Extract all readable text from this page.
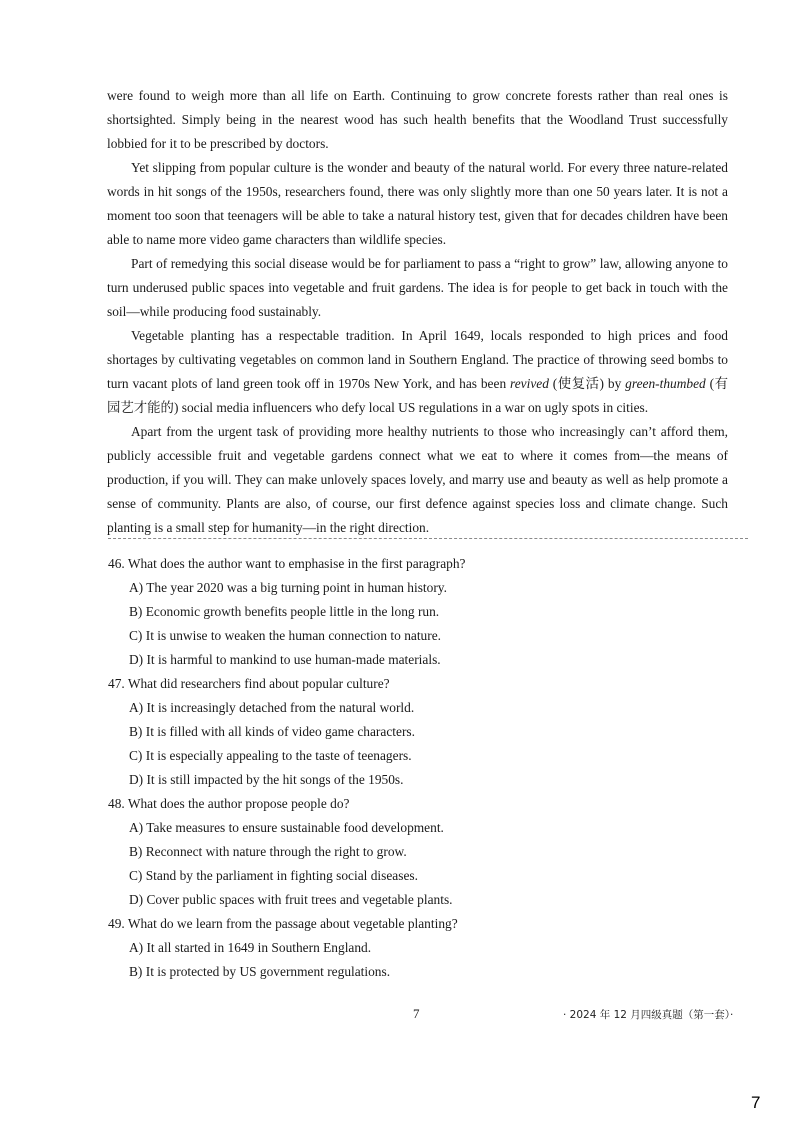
were found to weigh more than all life on Earth. Continuing to grow concrete forests rather than real ones is shortsighted. Simply being in the nearest wood has such health benefits that the Woodland Trust successfully lobbied for it to be prescribed by doctors.

Yet slipping from popular culture is the wonder and beauty of the natural world. For every three nature-related words in hit songs of the 1950s, researchers found, there was only slightly more than one 50 years later. It is not a moment too soon that teenagers will be able to take a natural history test, given that for decades children have been able to name more video game characters than wildlife species.

Part of remedying this social disease would be for parliament to pass a “right to grow” law, allowing anyone to turn underused public spaces into vegetable and fruit gardens. The idea is for people to get back in touch with the soil—while producing food sustainably.

Vegetable planting has a respectable tradition. In April 1649, locals responded to high prices and food shortages by cultivating vegetables on common land in Southern England. The practice of throwing seed bombs to turn vacant plots of land green took off in 1970s New York, and has been revived (使复活) by green-thumbed (有园艺才能的) social media influencers who defy local US regulations in a war on ugly spots in cities.

Apart from the urgent task of providing more healthy nutrients to those who increasingly can’t afford them, publicly accessible fruit and vegetable gardens connect what we eat to where it comes from—the means of production, if you will. They can make unlovely spaces lovely, and marry use and beauty as well as help promote a sense of community. Plants are also, of course, our first defence against species loss and climate change. Such planting is a small step for humanity—in the right direction.

46. What does the author want to emphasise in the first paragraph?

A) The year 2020 was a big turning point in human history.

B) Economic growth benefits people little in the long run.

C) It is unwise to weaken the human connection to nature.

D) It is harmful to mankind to use human-made materials.

47. What did researchers find about popular culture?

A) It is increasingly detached from the natural world.

B) It is filled with all kinds of video game characters.

C) It is especially appealing to the taste of teenagers.

D) It is still impacted by the hit songs of the 1950s.

48. What does the author propose people do?

A) Take measures to ensure sustainable food development.

B) Reconnect with nature through the right to grow.

C) Stand by the parliament in fighting social diseases.

D) Cover public spaces with fruit trees and vegetable plants.

49. What do we learn from the passage about vegetable planting?

A) It all started in 1649 in Southern England.

B) It is protected by US government regulations.

7	· 2024 年 12 月四级真题（第一套）·
7
